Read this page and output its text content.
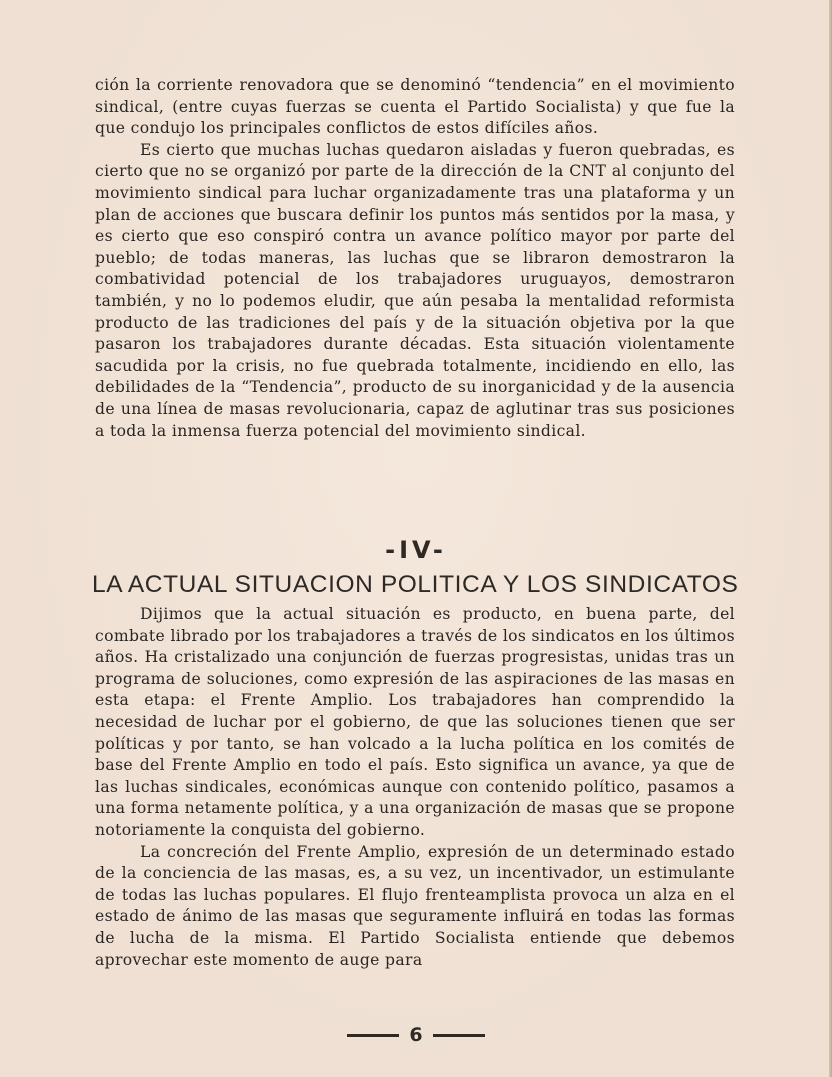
ción la corriente renovadora que se denominó “tendencia” en el movimiento sindical, (entre cuyas fuerzas se cuenta el Partido Socialista) y que fue la que condujo los principales conflictos de estos difíciles años.

Es cierto que muchas luchas quedaron aisladas y fueron quebradas, es cierto que no se organizó por parte de la dirección de la CNT al conjunto del movimiento sindical para luchar organizadamente tras una plataforma y un plan de acciones que buscara definir los puntos más sentidos por la masa, y es cierto que eso conspiró contra un avance político mayor por parte del pueblo; de todas maneras, las luchas que se libraron demostraron la combatividad potencial de los trabajadores uruguayos, demostraron también, y no lo podemos eludir, que aún pesaba la mentalidad reformista producto de las tradiciones del país y de la situación objetiva por la que pasaron los trabajadores durante décadas. Esta situación violentamente sacudida por la crisis, no fue quebrada totalmente, incidiendo en ello, las debilidades de la “Tendencia”, producto de su inorganicidad y de la ausencia de una línea de masas revolucionaria, capaz de aglutinar tras sus posiciones a toda la inmensa fuerza potencial del movimiento sindical.

-IV-
LA ACTUAL SITUACION POLITICA Y LOS SINDICATOS

Dijimos que la actual situación es producto, en buena parte, del combate librado por los trabajadores a través de los sindicatos en los últimos años. Ha cristalizado una conjunción de fuerzas progresistas, unidas tras un programa de soluciones, como expresión de las aspiraciones de las masas en esta etapa: el Frente Amplio. Los trabajadores han comprendido la necesidad de luchar por el gobierno, de que las soluciones tienen que ser políticas y por tanto, se han volcado a la lucha política en los comités de base del Frente Amplio en todo el país. Esto significa un avance, ya que de las luchas sindicales, económicas aunque con contenido político, pasamos a una forma netamente política, y a una organización de masas que se propone notoriamente la conquista del gobierno.

La concreción del Frente Amplio, expresión de un determinado estado de la conciencia de las masas, es, a su vez, un incentivador, un estimulante de todas las luchas populares. El flujo frenteamplista provoca un alza en el estado de ánimo de las masas que seguramente influirá en todas las formas de lucha de la misma. El Partido Socialista entiende que debemos aprovechar este momento de auge para

6
